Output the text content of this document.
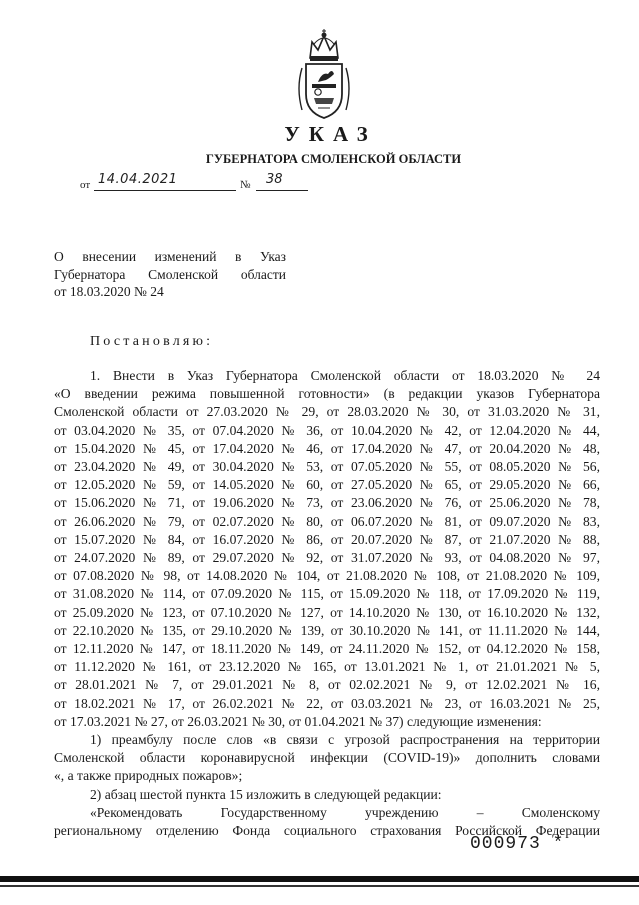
УКАЗ
ГУБЕРНАТОРА СМОЛЕНСКОЙ ОБЛАСТИ
от 14.04.2021	№ 38
О внесении изменений в Указ
Губернатора Смоленской области
от 18.03.2020 № 24
Постановляю:
1. Внести в Указ Губернатора Смоленской области от 18.03.2020 № 24
«О введении режима повышенной готовности» (в редакции указов Губернатора
Смоленской области от 27.03.2020 № 29, от 28.03.2020 № 30, от 31.03.2020 № 31,
от 03.04.2020 № 35, от 07.04.2020 № 36, от 10.04.2020 № 42, от 12.04.2020 № 44,
от 15.04.2020 № 45, от 17.04.2020 № 46, от 17.04.2020 № 47, от 20.04.2020 № 48,
от 23.04.2020 № 49, от 30.04.2020 № 53, от 07.05.2020 № 55, от 08.05.2020 № 56,
от 12.05.2020 № 59, от 14.05.2020 № 60, от 27.05.2020 № 65, от 29.05.2020 № 66,
от 15.06.2020 № 71, от 19.06.2020 № 73, от 23.06.2020 № 76, от 25.06.2020 № 78,
от 26.06.2020 № 79, от 02.07.2020 № 80, от 06.07.2020 № 81, от 09.07.2020 № 83,
от 15.07.2020 № 84, от 16.07.2020 № 86, от 20.07.2020 № 87, от 21.07.2020 № 88,
от 24.07.2020 № 89, от 29.07.2020 № 92, от 31.07.2020 № 93, от 04.08.2020 № 97,
от 07.08.2020 № 98, от 14.08.2020 № 104, от 21.08.2020 № 108, от 21.08.2020 № 109,
от 31.08.2020 № 114, от 07.09.2020 № 115, от 15.09.2020 № 118, от 17.09.2020 № 119,
от 25.09.2020 № 123, от 07.10.2020 № 127, от 14.10.2020 № 130, от 16.10.2020 № 132,
от 22.10.2020 № 135, от 29.10.2020 № 139, от 30.10.2020 № 141, от 11.11.2020 № 144,
от 12.11.2020 № 147, от 18.11.2020 № 149, от 24.11.2020 № 152, от 04.12.2020 № 158,
от 11.12.2020 № 161, от 23.12.2020 № 165, от 13.01.2021 № 1, от 21.01.2021 № 5,
от 28.01.2021 № 7, от 29.01.2021 № 8, от 02.02.2021 № 9, от 12.02.2021 № 16,
от 18.02.2021 № 17, от 26.02.2021 № 22, от 03.03.2021 № 23, от 16.03.2021 № 25,
от 17.03.2021 № 27, от 26.03.2021 № 30, от 01.04.2021 № 37) следующие изменения:
1) преамбулу после слов «в связи с угрозой распространения на территории
Смоленской области коронавирусной инфекции (COVID-19)» дополнить словами
«, а также природных пожаров»;
2) абзац шестой пункта 15 изложить в следующей редакции:
«Рекомендовать Государственному учреждению – Смоленскому
региональному отделению Фонда социального страхования Российской Федерации
000973 *
